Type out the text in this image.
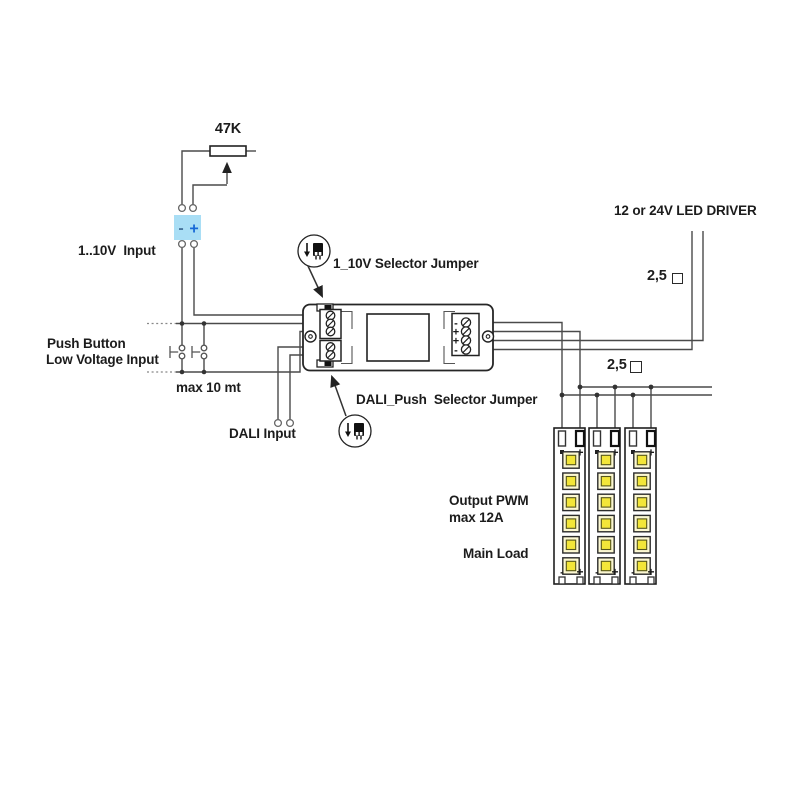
+
-	+
- +
-
+
+
-
47K
1..10V  Input
Push Button
Low Voltage Input
max 10 mt
DALI Input
1_10V Selector Jumper
DALI_Push  Selector Jumper
12 or 24V LED DRIVER
2,5
2,5
Output PWM
max 12A
Main Load
